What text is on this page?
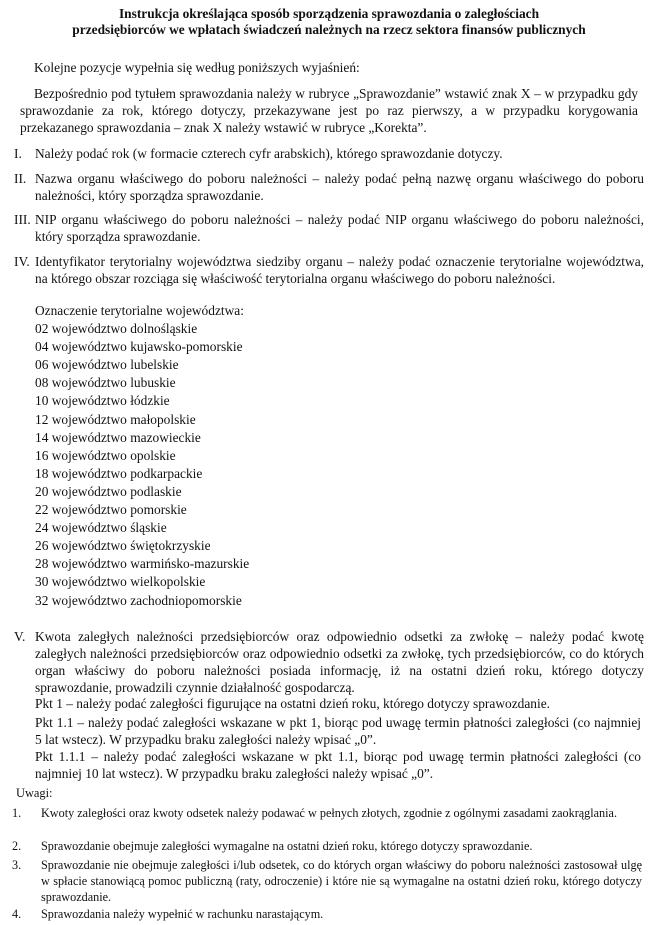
Instrukcja określająca sposób sporządzenia sprawozdania o zaległościach
przedsiębiorców we wpłatach świadczeń należnych na rzecz sektora finansów publicznych
Kolejne pozycje wypełnia się według poniższych wyjaśnień:
Bezpośrednio pod tytułem sprawozdania należy w rubryce „Sprawozdanie” wstawić znak X – w przypadku gdy sprawozdanie za rok, którego dotyczy, przekazywane jest po raz pierwszy, a w przypadku korygowania przekazanego sprawozdania – znak X należy wstawić w rubryce „Korekta”.
I. Należy podać rok (w formacie czterech cyfr arabskich), którego sprawozdanie dotyczy.
II. Nazwa organu właściwego do poboru należności – należy podać pełną nazwę organu właściwego do poboru należności, który sporządza sprawozdanie.
III. NIP organu właściwego do poboru należności – należy podać NIP organu właściwego do poboru należności, który sporządza sprawozdanie.
IV. Identyfikator terytorialny województwa siedziby organu – należy podać oznaczenie terytorialne województwa, na którego obszar rozciąga się właściwość terytorialna organu właściwego do poboru należności.
Oznaczenie terytorialne województwa:
02 województwo dolnośląskie
04 województwo kujawsko-pomorskie
06 województwo lubelskie
08 województwo lubuskie
10 województwo łódzkie
12 województwo małopolskie
14 województwo mazowieckie
16 województwo opolskie
18 województwo podkarpackie
20 województwo podlaskie
22 województwo pomorskie
24 województwo śląskie
26 województwo świętokrzyskie
28 województwo warmińsko-mazurskie
30 województwo wielkopolskie
32 województwo zachodniopomorskie
V. Kwota zaległych należności przedsiębiorców oraz odpowiednio odsetki za zwłokę – należy podać kwotę zaległych należności przedsiębiorców oraz odpowiednio odsetki za zwłokę, tych przedsiębiorców, co do których organ właściwy do poboru należności posiada informację, iż na ostatni dzień roku, którego dotyczy sprawozdanie, prowadzili czynnie działalność gospodarczą.
Pkt 1 – należy podać zaległości figurujące na ostatni dzień roku, którego dotyczy sprawozdanie.
Pkt 1.1 – należy podać zaległości wskazane w pkt 1, biorąc pod uwagę termin płatności zaległości (co najmniej 5 lat wstecz). W przypadku braku zaległości należy wpisać „0”.
Pkt 1.1.1 – należy podać zaległości wskazane w pkt 1.1, biorąc pod uwagę termin płatności zaległości (co najmniej 10 lat wstecz). W przypadku braku zaległości należy wpisać „0”.
Uwagi:
1. Kwoty zaległości oraz kwoty odsetek należy podawać w pełnych złotych, zgodnie z ogólnymi zasadami zaokrąglania.
2. Sprawozdanie obejmuje zaległości wymagalne na ostatni dzień roku, którego dotyczy sprawozdanie.
3. Sprawozdanie nie obejmuje zaległości i/lub odsetek, co do których organ właściwy do poboru należności zastosował ulgę w spłacie stanowiącą pomoc publiczną (raty, odroczenie) i które nie są wymagalne na ostatni dzień roku, którego dotyczy sprawozdanie.
4. Sprawozdania należy wypełnić w rachunku narastającym.
